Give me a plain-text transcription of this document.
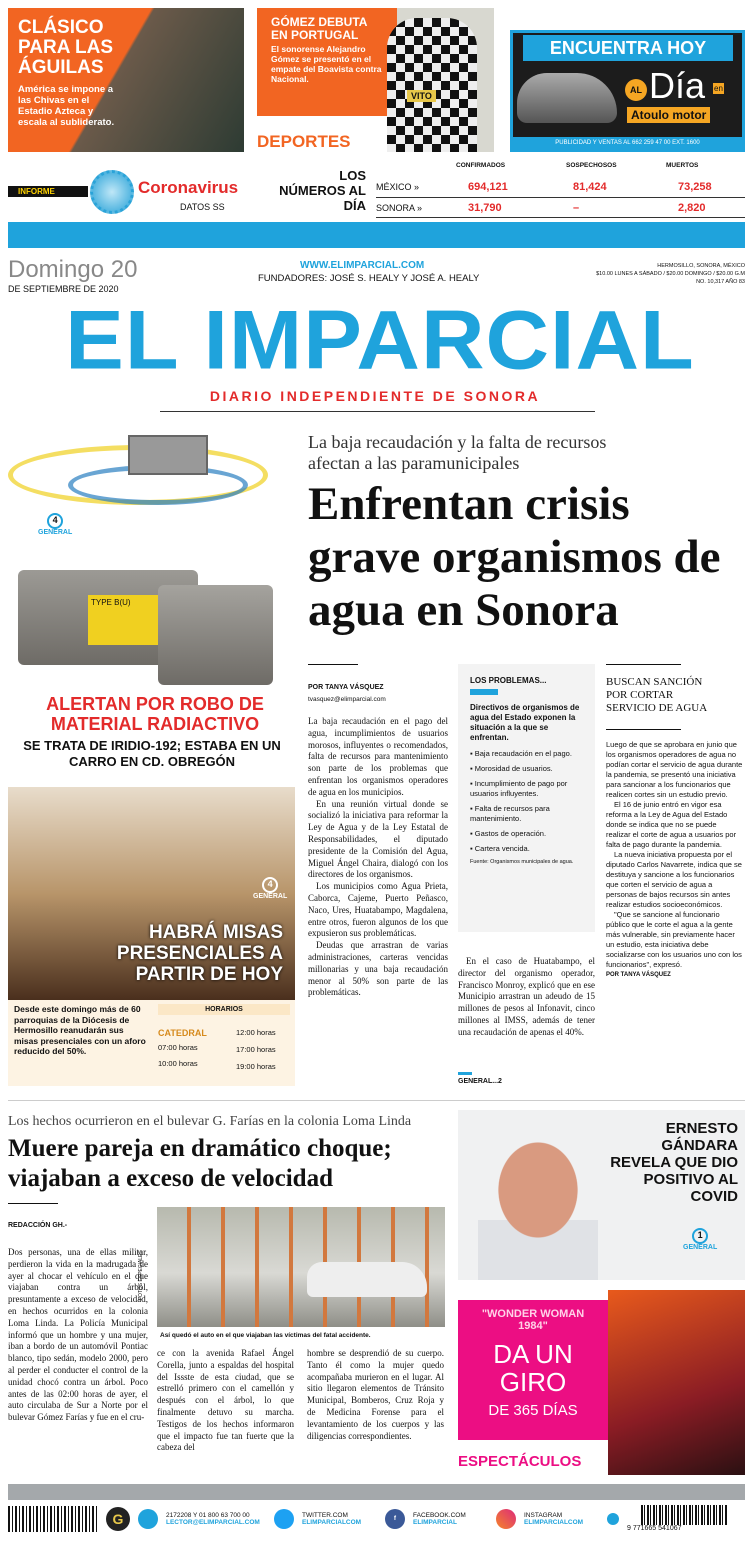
CLÁSICO PARA LAS ÁGUILAS
América se impone a las Chivas en el Estadio Azteca y escala al subliderato.
GÓMEZ DEBUTA EN PORTUGAL
El sonorense Alejandro Gómez se presentó en el empate del Boavista contra Nacional.
DEPORTES
VITO
ENCUENTRA HOY
AL Día en
Atoulo motor
PUBLICIDAD Y VENTAS AL 662 259 47 00 EXT. 1600
INFORME	Coronavirus
DATOS SS
LOS NÚMEROS AL DÍA
CONFIRMADOS	SOSPECHOSOS	MUERTOS
MÉXICO »	694,121	81,424	73,258
SONORA »	31,790	–	2,820
Domingo 20
DE SEPTIEMBRE DE 2020
WWW.ELIMPARCIAL.COM
FUNDADORES: JOSÉ S. HEALY Y JOSÉ A. HEALY
HERMOSILLO, SONORA, MÉXICO
$10.00 LUNES A SÁBADO / $20.00 DOMINGO / $20.00 G.M
NO. 10,317 AÑO 83
EL IMPARCIAL
DIARIO INDEPENDIENTE DE SONORA
TYPE B(U)
4
GENERAL
ALERTAN POR ROBO DE MATERIAL RADIACTIVO
SE TRATA DE IRIDIO-192; ESTABA EN UN CARRO EN CD. OBREGÓN
4
GENERAL
HABRÁ MISAS PRESENCIALES A PARTIR DE HOY
Desde este domingo más de 60 parroquias de la Diócesis de Hermosillo reanudarán sus misas presenciales con un aforo reducido del 50%.
HORARIOS
CATEDRAL
07:00 horas
10:00 horas
12:00 horas
17:00 horas
19:00 horas
La baja recaudación y la falta de recursos afectan a las paramunicipales
Enfrentan crisis grave organismos de agua en Sonora
POR TANYA VÁSQUEZ
tvasquez@elimparcial.com

La baja recaudación en el pago del agua, incumplimientos de usuarios morosos, influyentes o recomendados, falta de recursos para mantenimiento son parte de los problemas que enfrentan los organismos operadores de agua en los municipios.

En una reunión virtual donde se socializó la iniciativa para reformar la Ley de Agua y de la Ley Estatal de Responsabilidades, el diputado presidente de la Comisión del Agua, Miguel Ángel Chaira, dialogó con los directores de los organismos.

Los municipios como Agua Prieta, Caborca, Cajeme, Puerto Peñasco, Naco, Ures, Huatabampo, Magdalena, entre otros, fueron algunos de los que expusieron sus problemáticas.

Deudas que arrastran de varias administraciones, carteras vencidas millonarias y una baja recaudación menor al 50% son parte de las problemáticas.

LOS PROBLEMAS...
Directivos de organismos de agua del Estado exponen la situación a la que se enfrentan.
▪ Baja recaudación en el pago.
▪ Morosidad de usuarios.
▪ Incumplimiento de pago por usuarios influyentes.
▪ Falta de recursos para mantenimiento.
▪ Gastos de operación.
▪ Cartera vencida.
Fuente: Organismos municipales de agua.
En el caso de Huatabampo, el director del organismo operador, Francisco Monroy, explicó que en ese Municipio arrastran un adeudo de 15 millones de pesos al Infonavit, cinco millones al IMSS, además de tener una recaudación de apenas el 40%.
GENERAL...2
BUSCAN SANCIÓN POR CORTAR SERVICIO DE AGUA

Luego de que se aprobara en junio que los organismos operadores de agua no podían cortar el servicio de agua durante la pandemia, se presentó una iniciativa para sancionar a los funcionarios que realicen cortes sin un estudio previo.

El 16 de junio entró en vigor esa reforma a la Ley de Agua del Estado donde se indica que no se puede realizar el corte de agua a usuarios por falta de pago durante la pandemia.

La nueva iniciativa propuesta por el diputado Carlos Navarrete, indica que se destituya y sancione a los funcionarios que corten el servicio de agua a personas de bajos recursos sin antes realizar estudios socioeconómicos.

"Que se sancione al funcionario público que le corte el agua a la gente más vulnerable, sin previamente hacer un estudio, esta iniciativa debe socializarse con los usuarios uno con los funcionarios", expresó.

POR TANYA VÁSQUEZ

Los hechos ocurrieron en el bulevar G. Farías en la colonia Loma Linda
Muere pareja en dramático choque; viajaban a exceso de velocidad
REDACCIÓN GH.-
Dos personas, una de ellas militar, perdieron la vida en la madrugada de ayer al chocar el vehículo en el que viajaban contra un árbol, presuntamente a exceso de velocidad, en hechos ocurridos en la colonia Loma Linda. La Policía Municipal informó que un hombre y una mujer, iban a bordo de un automóvil Pontiac blanco, tipo sedán, modelo 2000, pero al perder el conducter el control de la unidad chocó contra un árbol. Poco antes de las 02:00 horas de ayer, el auto circulaba de Sur a Norte por el bulevar Gómez Farías y fue en el cru-
FOTOS ESPECIALES
Así quedó el auto en el que viajaban las víctimas del fatal accidente.
ce con la avenida Rafael Ángel Corella, junto a espaldas del hospital del Issste de esta ciudad, que se estrelló primero con el camellón y después con el árbol, lo que finalmente detuvo su marcha. Testigos de los hechos informaron que el impacto fue tan fuerte que la cabeza del
hombre se desprendió de su cuerpo. Tanto él como la mujer quedo acompañaba murieron en el lugar. Al sitio llegaron elementos de Tránsito Municipal, Bomberos, Cruz Roja y de Medicina Forense para el levantamiento de los cuerpos y las diligencias correspondientes.
ERNESTO GÁNDARA REVELA QUE DIO POSITIVO AL COVID
1
GENERAL
"WONDER WOMAN 1984"
DA UN GIRO
DE 365 DÍAS
ESPECTÁCULOS
G	2172208 Y 01 800 63 700 00
LECTOR@ELIMPARCIAL.COM
TWITTER.COM
ELIMPARCIALCOM
f	FACEBOOK.COM
ELIMPARCIAL
INSTAGRAM
ELIMPARCIALCOM
9 771665 541067
